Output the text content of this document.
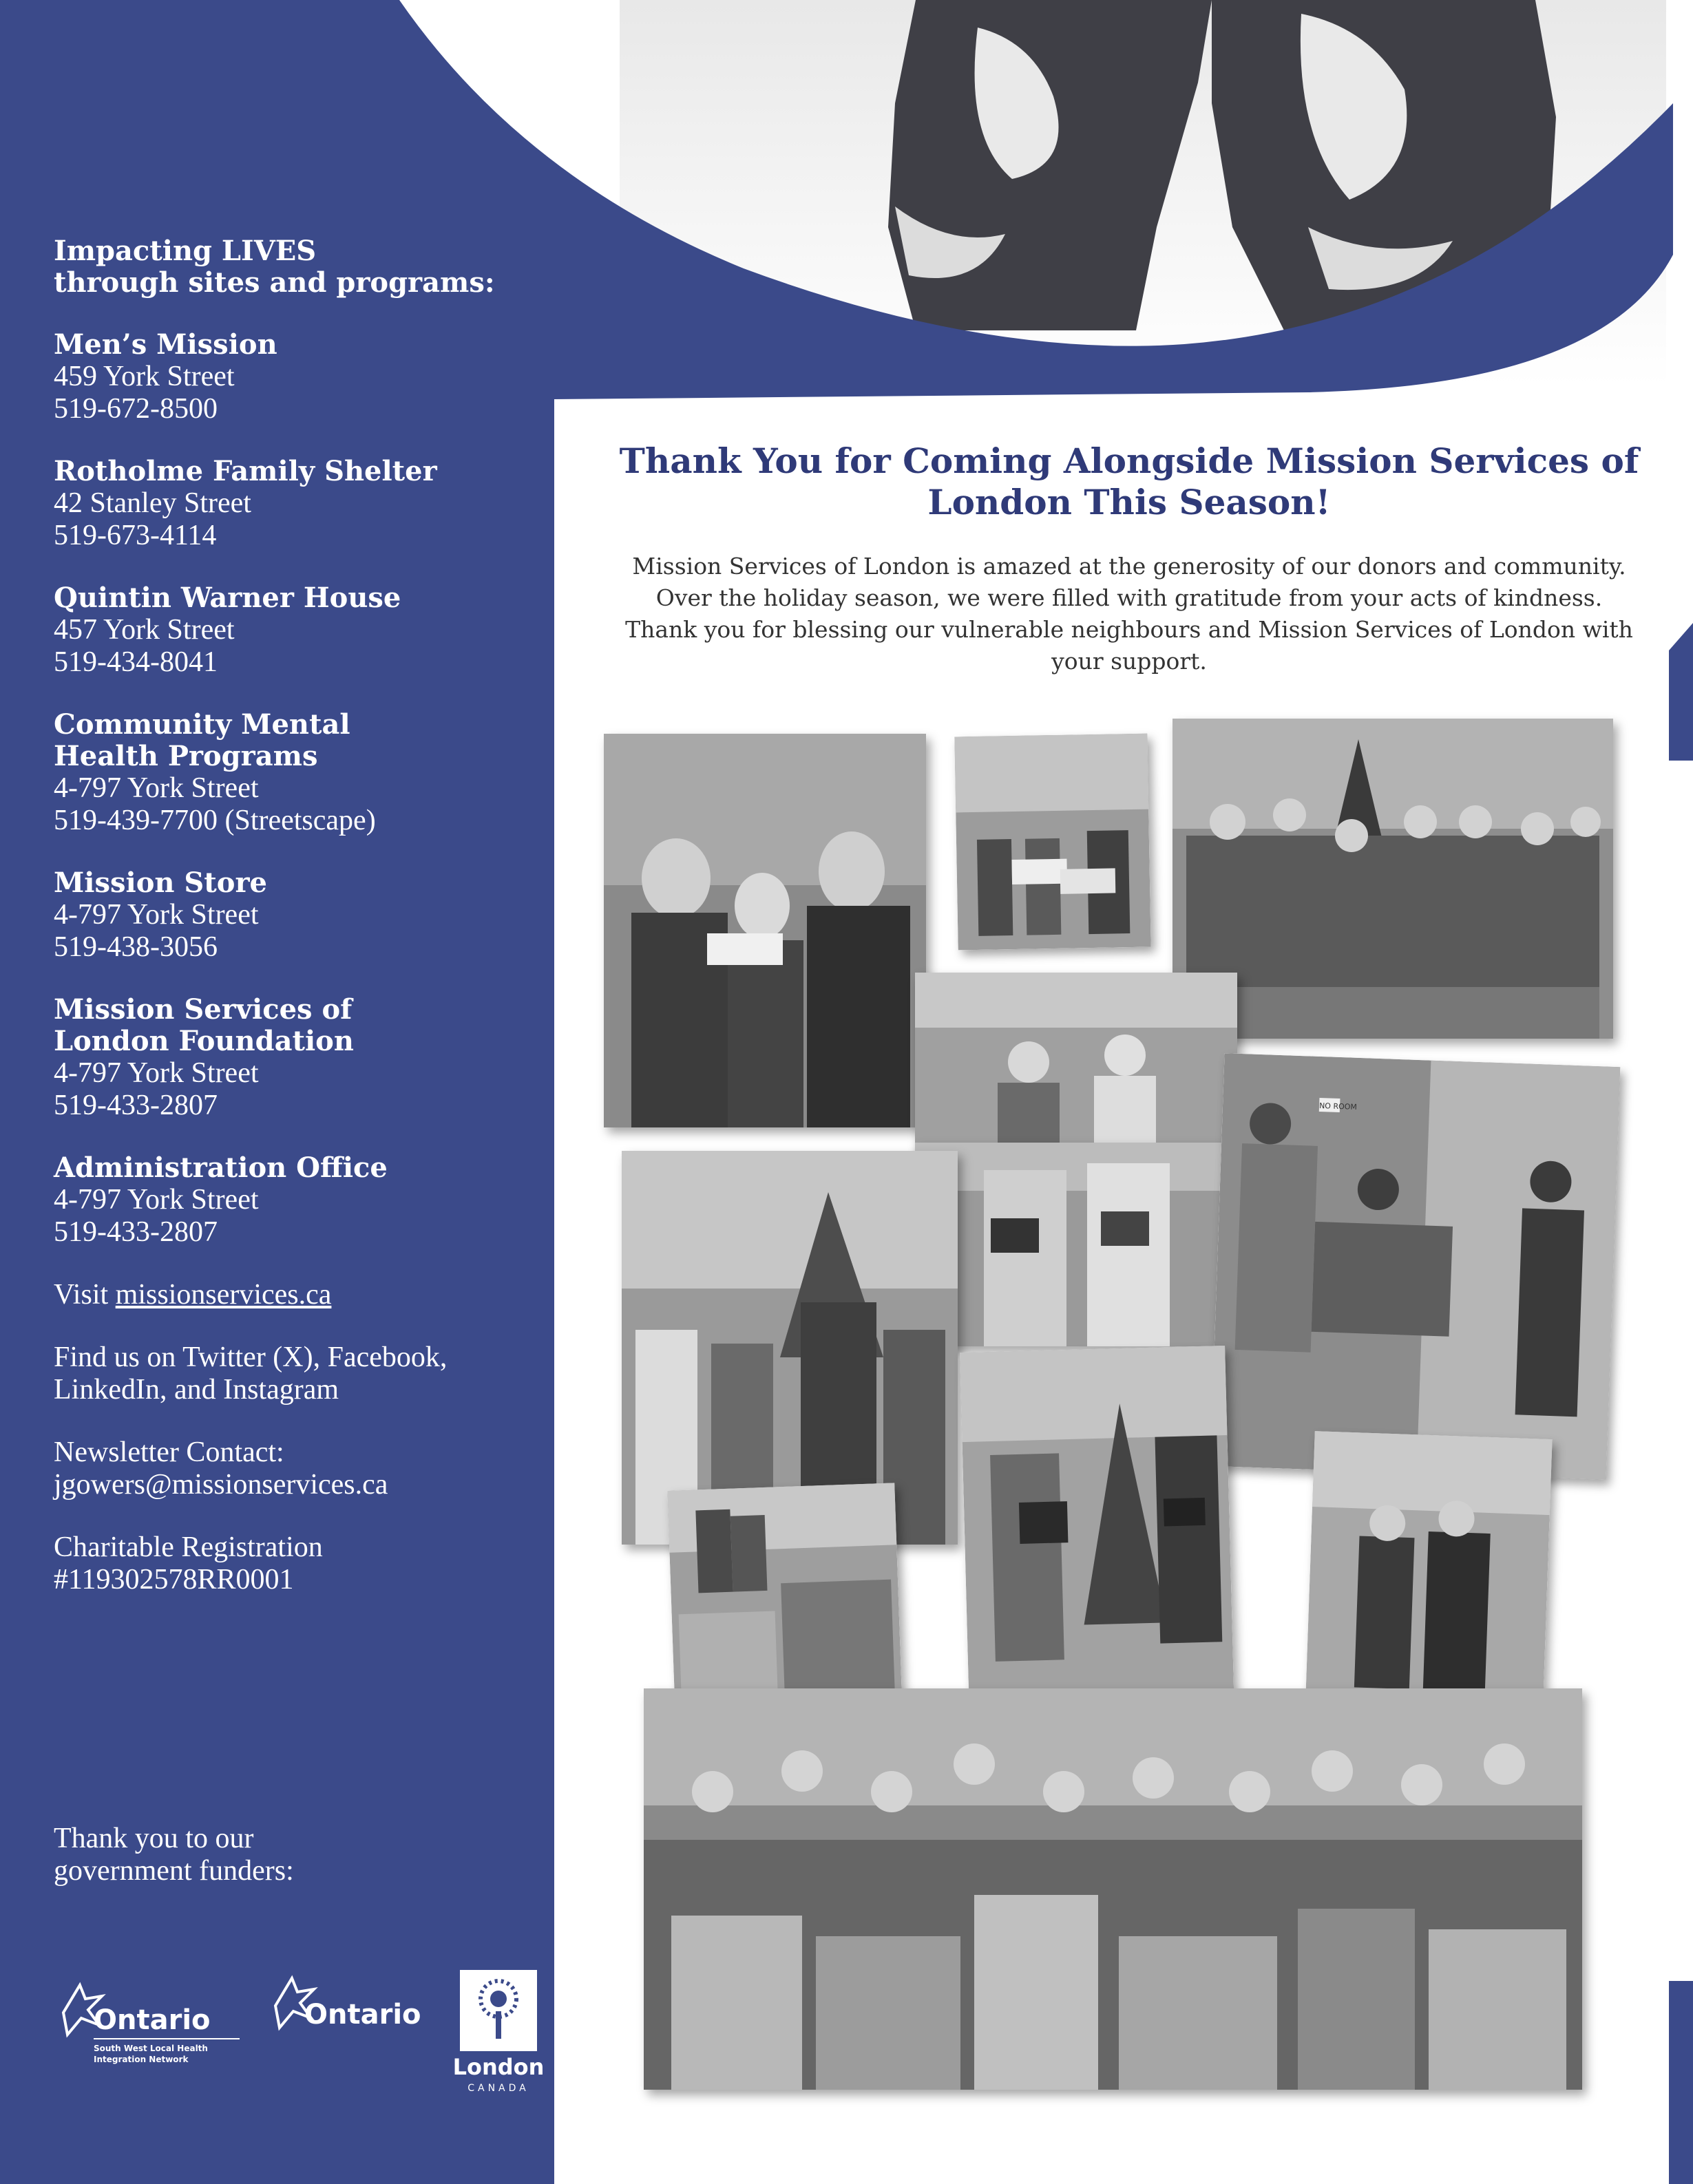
Impacting LIVES

through sites and programs:

Men’s Mission

459 York Street

519-672-8500

Rotholme Family Shelter

42 Stanley Street

519-673-4114

Quintin Warner House

457 York Street

519-434-8041

Community Mental

Health Programs

4-797 York Street

519-439-7700 (Streetscape)

Mission Store

4-797 York Street

519-438-3056

Mission Services of

London Foundation

4-797 York Street

519-433-2807

Administration Office

4-797 York Street

519-433-2807

Visit missionservices.ca

Find us on Twitter (X), Facebook,

LinkedIn, and Instagram

Newsletter Contact:

jgowers@missionservices.ca

Charitable Registration

#119302578RR0001

Thank you to our

government funders:

Ontario
South West Local Health
Integration Network
Ontario
London
CANADA
Thank You for Coming Alongside Mission Services of
London This Season!

Mission Services of London is amazed at the generosity of our donors and community. Over the holiday season, we were filled with gratitude from your acts of kindness. Thank you for blessing our vulnerable neighbours and Mission Services of London with your support.

NO ROOM
